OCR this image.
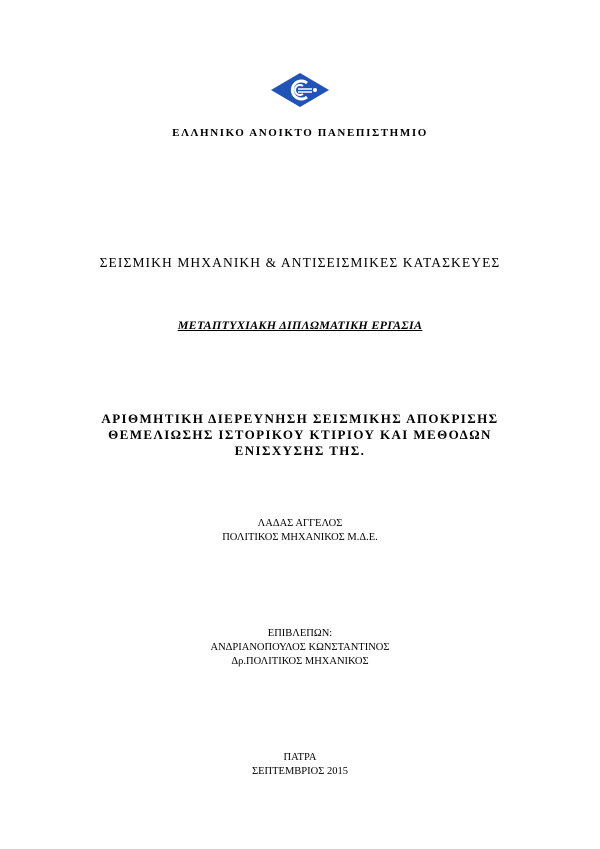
ΕΛΛΗΝΙΚΟ ΑΝΟΙΚΤΟ ΠΑΝΕΠΙΣΤΗΜΙΟ
ΣΕΙΣΜΙΚΗ ΜΗΧΑΝΙΚΗ & ΑΝΤΙΣΕΙΣΜΙΚΕΣ ΚΑΤΑΣΚΕΥΕΣ
ΜΕΤΑΠΤΥΧΙΑΚΗ ΔΙΠΛΩΜΑΤΙΚΗ ΕΡΓΑΣΙΑ
ΑΡΙΘΜΗΤΙΚΗ ΔΙΕΡΕΥΝΗΣΗ ΣΕΙΣΜΙΚΗΣ ΑΠΟΚΡΙΣΗΣ
ΘΕΜΕΛΙΩΣΗΣ ΙΣΤΟΡΙΚΟΥ ΚΤΙΡΙΟΥ ΚΑΙ ΜΕΘΟΔΩΝ
ΕΝΙΣΧΥΣΗΣ ΤΗΣ.
ΛΑΔΑΣ ΑΓΓΕΛΟΣ
ΠΟΛΙΤΙΚΟΣ ΜΗΧΑΝΙΚΟΣ Μ.Δ.Ε.
ΕΠΙΒΛΕΠΩΝ:
ΑΝΔΡΙΑΝΟΠΟΥΛΟΣ ΚΩΝΣΤΑΝΤΙΝΟΣ
Δρ.ΠΟΛΙΤΙΚΟΣ ΜΗΧΑΝΙΚΟΣ
ΠΑΤΡΑ
ΣΕΠΤΕΜΒΡΙΟΣ 2015
